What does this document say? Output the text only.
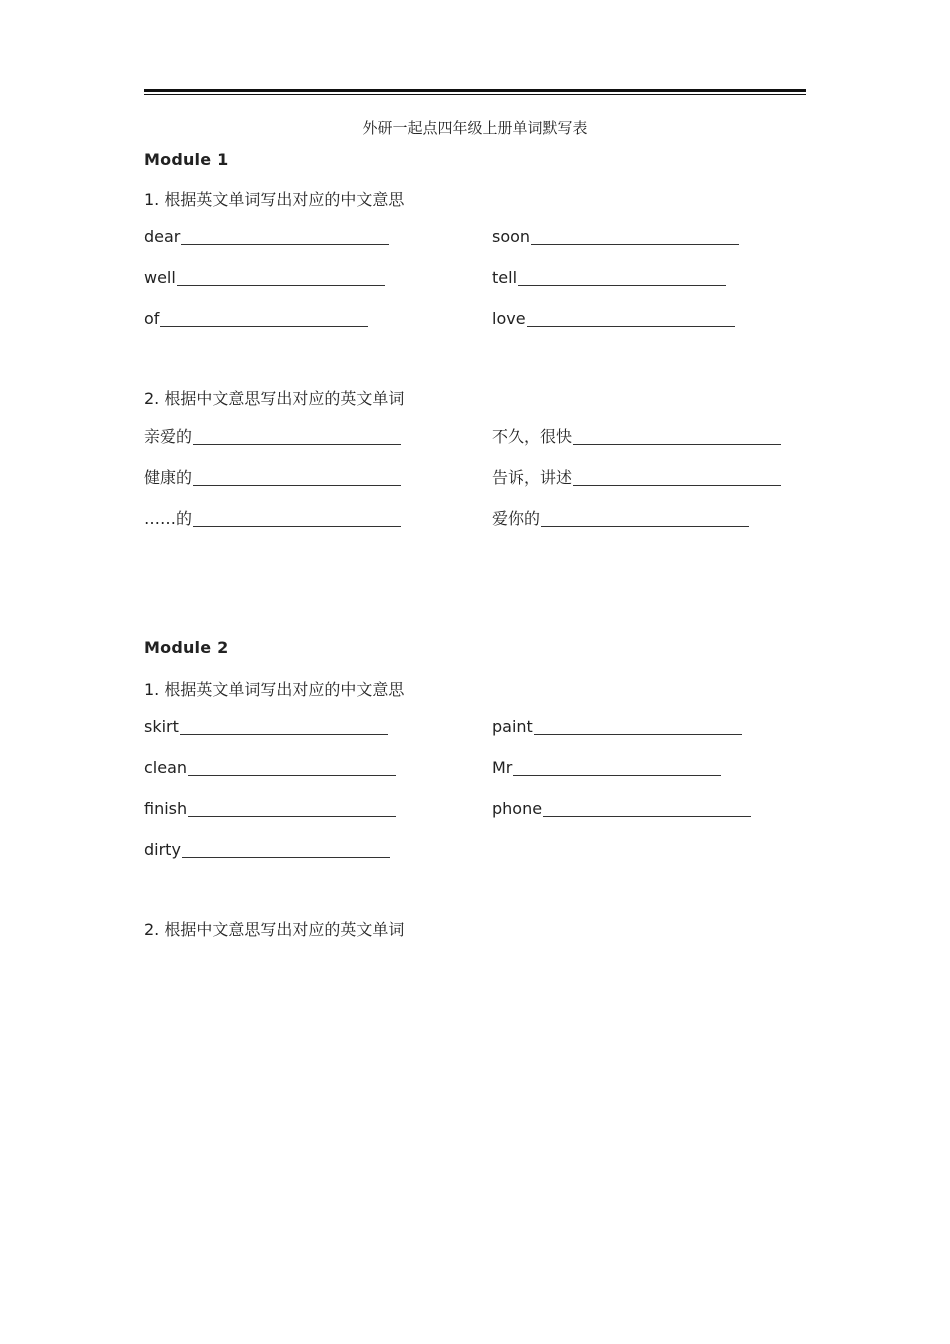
外研一起点四年级上册单词默写表
Module 1
1. 根据英文单词写出对应的中文意思
dear	soon
well	tell
of	love
2. 根据中文意思写出对应的英文单词
亲爱的	不久，很快
健康的	告诉，讲述
……的	爱你的
Module 2
1. 根据英文单词写出对应的中文意思
skirt	paint
clean	Mr
finish	phone
dirty
2. 根据中文意思写出对应的英文单词
